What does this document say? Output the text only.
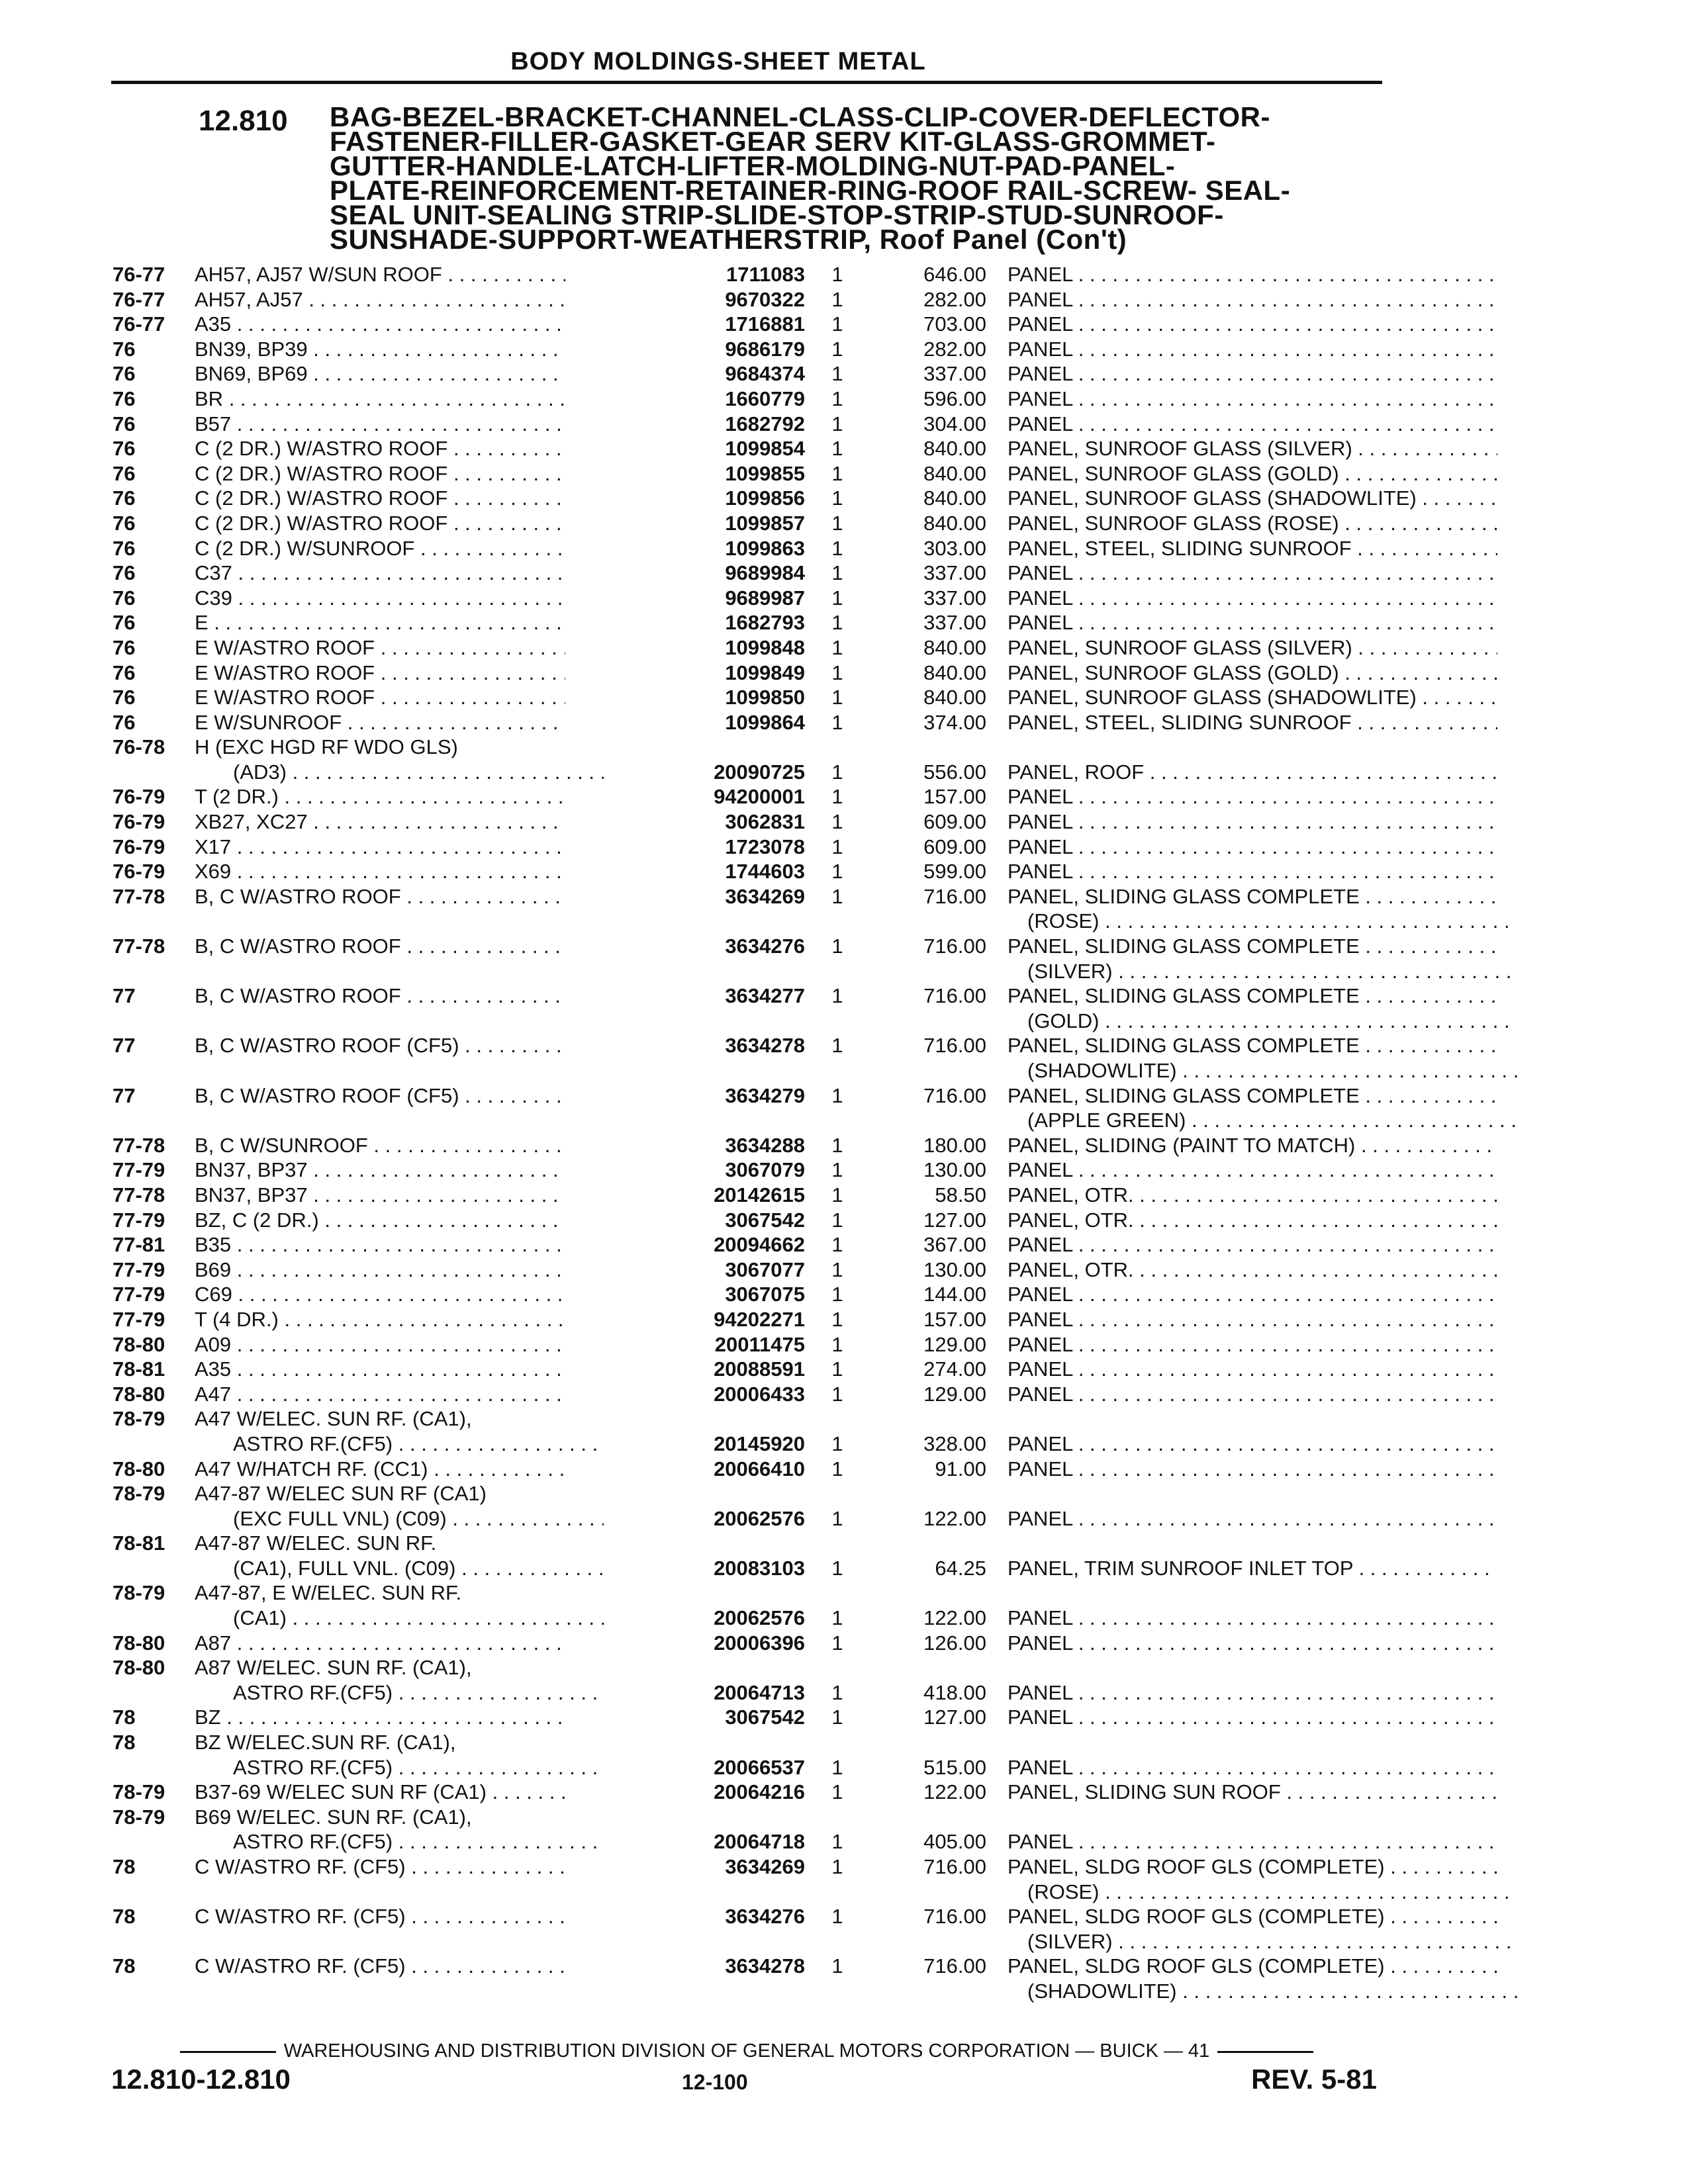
BODY MOLDINGS-SHEET METAL
12.810 BAG-BEZEL-BRACKET-CHANNEL-CLASS-CLIP-COVER-DEFLECTOR-
FASTENER-FILLER-GASKET-GEAR SERV KIT-GLASS-GROMMET-
GUTTER-HANDLE-LATCH-LIFTER-MOLDING-NUT-PAD-PANEL-
PLATE-REINFORCEMENT-RETAINER-RING-ROOF RAIL-SCREW- SEAL-
SEAL UNIT-SEALING STRIP-SLIDE-STOP-STRIP-STUD-SUNROOF-
SUNSHADE-SUPPORT-WEATHERSTRIP, Roof Panel (Con't)
76-77	AH57, AJ57 W/SUN ROOF . . .	1711083 1	646.00 PANEL . . .
76-77	AH57, AJ57 . . .	9670322 1	282.00 PANEL . . .
76-77	A35 . . .	1716881 1	703.00 PANEL . . .
76	BN39, BP39 . . .	9686179 1	282.00 PANEL . . .
76	BN69, BP69 . . .	9684374 1	337.00 PANEL . . .
76	BR . . .	1660779 1	596.00 PANEL . . .
76	B57 . . .	1682792 1	304.00 PANEL . . .
76	C (2 DR.) W/ASTRO ROOF . . .	1099854 1	840.00 PANEL, SUNROOF GLASS (SILVER) . . .
76	C (2 DR.) W/ASTRO ROOF . . .	1099855 1	840.00 PANEL, SUNROOF GLASS (GOLD) . . .
76	C (2 DR.) W/ASTRO ROOF . . .	1099856 1	840.00 PANEL, SUNROOF GLASS (SHADOWLITE) . . .
76	C (2 DR.) W/ASTRO ROOF . . .	1099857 1	840.00 PANEL, SUNROOF GLASS (ROSE) . . .
76	C (2 DR.) W/SUNROOF . . .	1099863 1	303.00 PANEL, STEEL, SLIDING SUNROOF . . .
76	C37 . . .	9689984 1	337.00 PANEL . . .
76	C39 . . .	9689987 1	337.00 PANEL . . .
76	E . . .	1682793 1	337.00 PANEL . . .
76	E W/ASTRO ROOF . . .	1099848 1	840.00 PANEL, SUNROOF GLASS (SILVER) . . .
76	E W/ASTRO ROOF . . .	1099849 1	840.00 PANEL, SUNROOF GLASS (GOLD) . . .
76	E W/ASTRO ROOF . . .	1099850 1	840.00 PANEL, SUNROOF GLASS (SHADOWLITE) . . .
76	E W/SUNROOF . . .	1099864 1	374.00 PANEL, STEEL, SLIDING SUNROOF . . .
76-78	H (EXC HGD RF WDO GLS)
(AD3) . . .	20090725 1	556.00 PANEL, ROOF . . .
76-79	T (2 DR.) . . .	94200001 1	157.00 PANEL . . .
76-79	XB27, XC27 . . .	3062831 1	609.00 PANEL . . .
76-79	X17 . . .	1723078 1	609.00 PANEL . . .
76-79	X69 . . .	1744603 1	599.00 PANEL . . .
77-78	B, C W/ASTRO ROOF . . .	3634269 1	716.00 PANEL, SLIDING GLASS COMPLETE . . .
(ROSE) . . .
77-78	B, C W/ASTRO ROOF . . .	3634276 1	716.00 PANEL, SLIDING GLASS COMPLETE . . .
(SILVER) . . .
77	B, C W/ASTRO ROOF . . .	3634277 1	716.00 PANEL, SLIDING GLASS COMPLETE . . .
(GOLD) . . .
77	B, C W/ASTRO ROOF (CF5) . . .	3634278 1	716.00 PANEL, SLIDING GLASS COMPLETE . . .
(SHADOWLITE) . . .
77	B, C W/ASTRO ROOF (CF5) . . .	3634279 1	716.00 PANEL, SLIDING GLASS COMPLETE . . .
(APPLE GREEN) . . .
77-78	B, C W/SUNROOF . . .	3634288 1	180.00 PANEL, SLIDING (PAINT TO MATCH) . . .
77-79	BN37, BP37 . . .	3067079 1	130.00 PANEL . . .
77-78	BN37, BP37 . . .	20142615 1	58.50 PANEL, OTR. . . .
77-79	BZ, C (2 DR.) . . .	3067542 1	127.00 PANEL, OTR. . . .
77-81	B35 . . .	20094662 1	367.00 PANEL . . .
77-79	B69 . . .	3067077 1	130.00 PANEL, OTR. . . .
77-79	C69 . . .	3067075 1	144.00 PANEL . . .
77-79	T (4 DR.) . . .	94202271 1	157.00 PANEL . . .
78-80	A09 . . .	20011475 1	129.00 PANEL . . .
78-81	A35 . . .	20088591 1	274.00 PANEL . . .
78-80	A47 . . .	20006433 1	129.00 PANEL . . .
78-79	A47 W/ELEC. SUN RF. (CA1),
ASTRO RF.(CF5) . . .	20145920 1	328.00 PANEL . . .
78-80	A47 W/HATCH RF. (CC1) . . .	20066410 1	91.00 PANEL . . .
78-79	A47-87 W/ELEC SUN RF (CA1)
(EXC FULL VNL) (C09) . . .	20062576 1	122.00 PANEL . . .
78-81	A47-87 W/ELEC. SUN RF.
(CA1), FULL VNL. (C09) . . .	20083103 1	64.25 PANEL, TRIM SUNROOF INLET TOP . . .
78-79	A47-87, E W/ELEC. SUN RF.
(CA1) . . .	20062576 1	122.00 PANEL . . .
78-80	A87 . . .	20006396 1	126.00 PANEL . . .
78-80	A87 W/ELEC. SUN RF. (CA1),
ASTRO RF.(CF5) . . .	20064713 1	418.00 PANEL . . .
78	BZ . . .	3067542 1	127.00 PANEL . . .
78	BZ W/ELEC.SUN RF. (CA1),
ASTRO RF.(CF5) . . .	20066537 1	515.00 PANEL . . .
78-79	B37-69 W/ELEC SUN RF (CA1) . . .	20064216 1	122.00 PANEL, SLIDING SUN ROOF . . .
78-79	B69 W/ELEC. SUN RF. (CA1),
ASTRO RF.(CF5) . . .	20064718 1	405.00 PANEL . . .
78	C W/ASTRO RF. (CF5) . . .	3634269 1	716.00 PANEL, SLDG ROOF GLS (COMPLETE) . . .
(ROSE) . . .
78	C W/ASTRO RF. (CF5) . . .	3634276 1	716.00 PANEL, SLDG ROOF GLS (COMPLETE) . . .
(SILVER) . . .
78	C W/ASTRO RF. (CF5) . . .	3634278 1	716.00 PANEL, SLDG ROOF GLS (COMPLETE) . . .
(SHADOWLITE) . . .
WAREHOUSING AND DISTRIBUTION DIVISION OF GENERAL MOTORS CORPORATION — BUICK — 41
12.810-12.810	12-100	REV. 5-81
